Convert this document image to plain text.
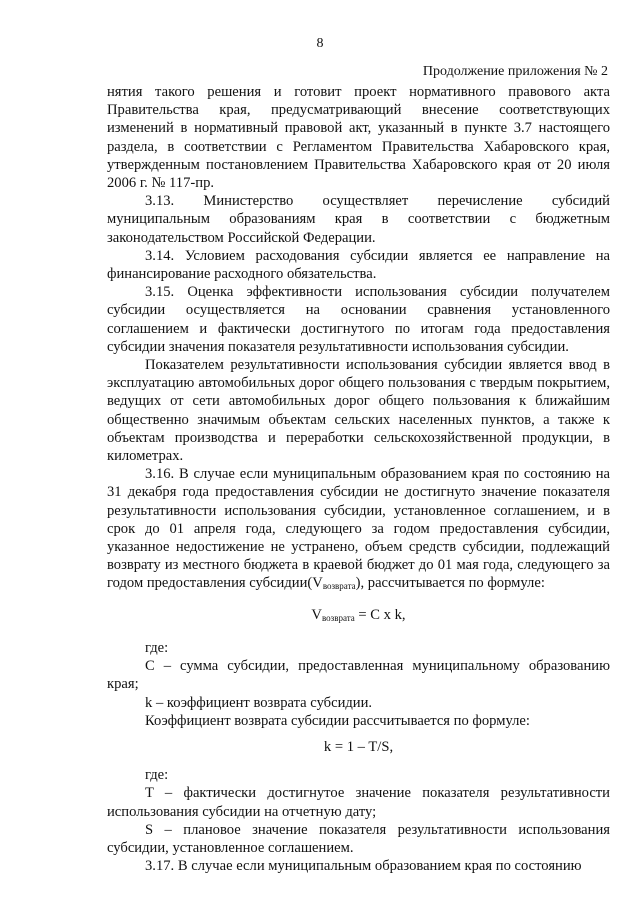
8
Продолжение приложения № 2

нятия такого решения и готовит проект нормативного правового акта Правительства края, предусматривающий внесение соответствующих изменений в нормативный правовой акт, указанный в пункте 3.7 настоящего раздела, в соответствии с Регламентом Правительства Хабаровского края, утвержденным постановлением Правительства Хабаровского края от 20 июля 2006 г. № 117-пр.

3.13. Министерство осуществляет перечисление субсидий муниципальным образованиям края в соответствии с бюджетным законодательством Российской Федерации.

3.14. Условием расходования субсидии является ее направление на финансирование расходного обязательства.

3.15. Оценка эффективности использования субсидии получателем субсидии осуществляется на основании сравнения установленного соглашением и фактически достигнутого по итогам года предоставления субсидии значения показателя результативности использования субсидии.

Показателем результативности использования субсидии является ввод в эксплуатацию автомобильных дорог общего пользования с твердым покрытием, ведущих от сети автомобильных дорог общего пользования к ближайшим общественно значимым объектам сельских населенных пунктов, а также к объектам производства и переработки сельскохозяйственной продукции, в километрах.

3.16. В случае если муниципальным образованием края по состоянию на 31 декабря года предоставления субсидии не достигнуто значение показателя результативности использования субсидии, установленное соглашением, и в срок до 01 апреля года, следующего за годом предоставления субсидии, указанное недостижение не устранено, объем средств субсидии, подлежащий возврату из местного бюджета в краевой бюджет до 01 мая года, следующего за годом предоставления $субсидии(V_{возврата})$, рассчитывается по формуле:

$V_{возврата} = C$ x k,

где:

C – сумма субсидии, предоставленная муниципальному образованию края;

k – коэффициент возврата субсидии.

Коэффициент возврата субсидии рассчитывается по формуле:

k = 1 – T/S,

где:

T – фактически достигнутое значение показателя результативности использования субсидии на отчетную дату;

S – плановое значение показателя результативности использования субсидии, установленное соглашением.

3.17. В случае если муниципальным образованием края по состоянию
